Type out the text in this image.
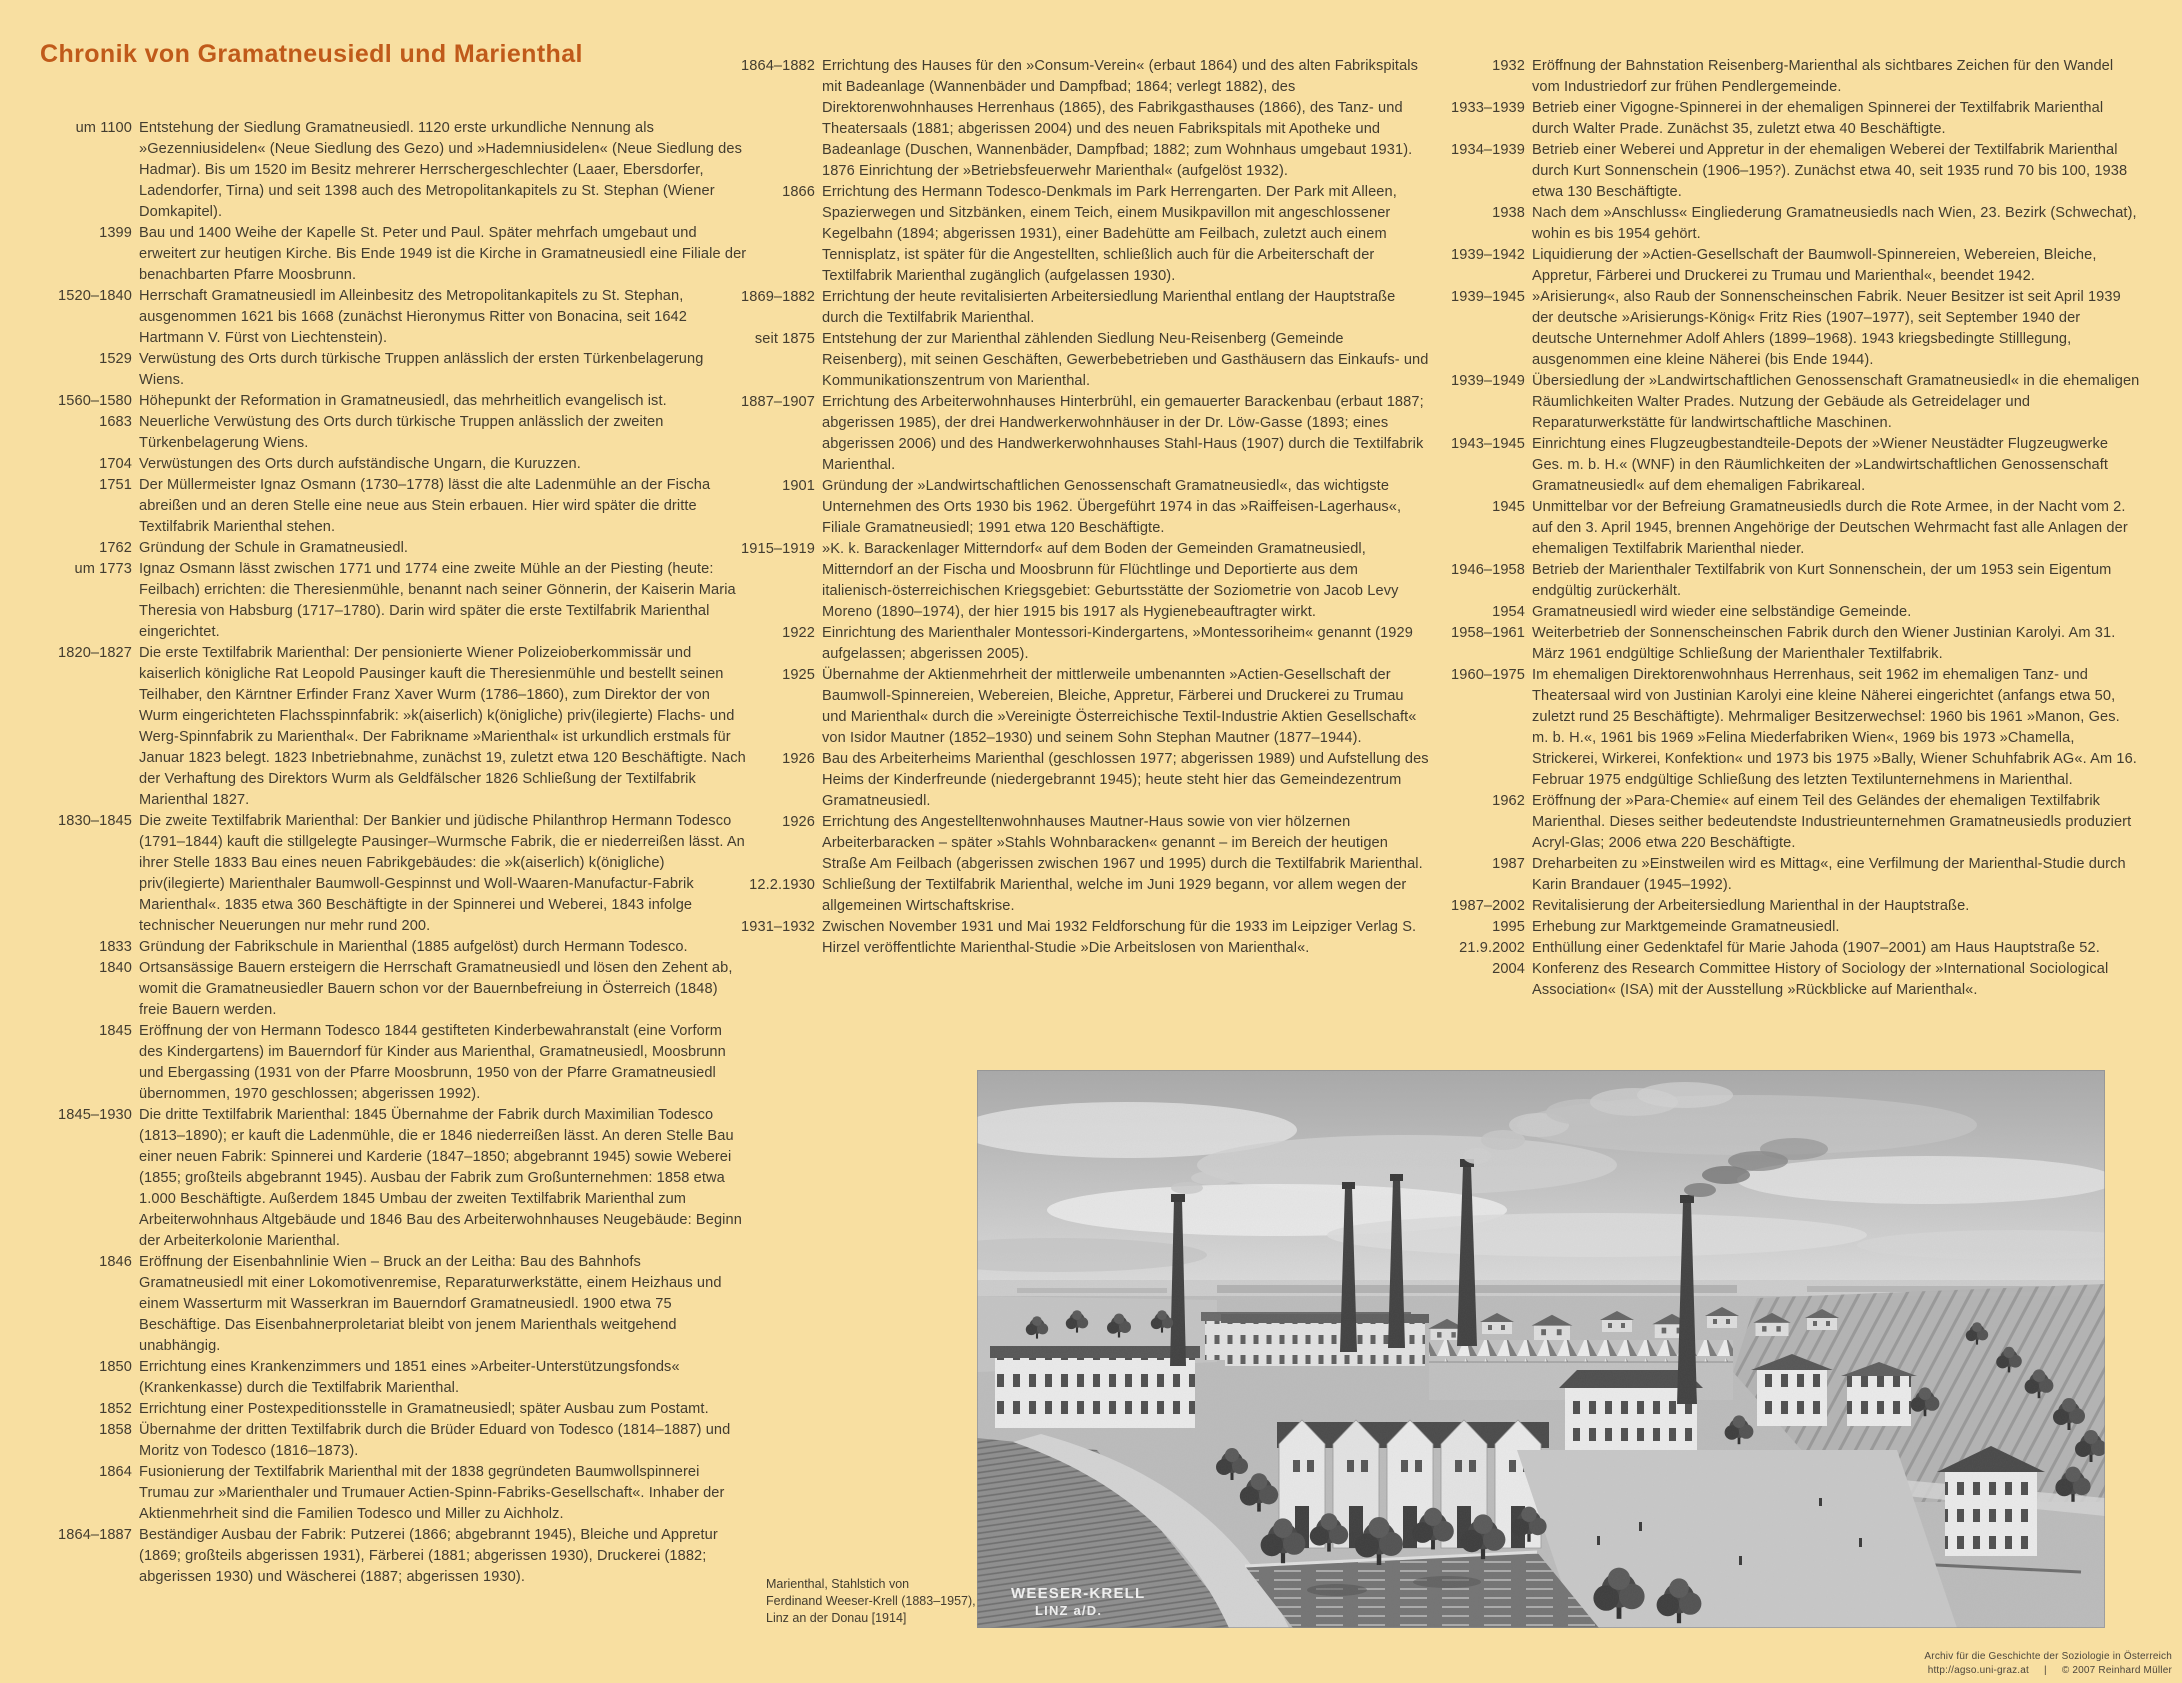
Chronik von Gramatneusiedl und Marienthal
um 1100 Entstehung der Siedlung Gramatneusiedl. 1120 erste urkundliche Nennung als »Gezenniusidelen« (Neue Siedlung des Gezo) und »Hademniusidelen« (Neue Siedlung des Hadmar). Bis um 1520 im Besitz mehrerer Herrschergeschlechter (Laaer, Ebersdorfer, Ladendorfer, Tirna) und seit 1398 auch des Metropolitankapitels zu St. Stephan (Wiener Domkapitel).
1399 Bau und 1400 Weihe der Kapelle St. Peter und Paul. Später mehrfach umgebaut und erweitert zur heutigen Kirche. Bis Ende 1949 ist die Kirche in Gramatneusiedl eine Filiale der benachbarten Pfarre Moosbrunn.
1520–1840 Herrschaft Gramatneusiedl im Alleinbesitz des Metropolitankapitels zu St. Stephan, ausgenommen 1621 bis 1668 (zunächst Hieronymus Ritter von Bonacina, seit 1642 Hartmann V. Fürst von Liechtenstein).
1529 Verwüstung des Orts durch türkische Truppen anlässlich der ersten Türkenbelagerung Wiens.
1560–1580 Höhepunkt der Reformation in Gramatneusiedl, das mehrheitlich evangelisch ist.
1683 Neuerliche Verwüstung des Orts durch türkische Truppen anlässlich der zweiten Türkenbelagerung Wiens.
1704 Verwüstungen des Orts durch aufständische Ungarn, die Kuruzzen.
1751 Der Müllermeister Ignaz Osmann (1730–1778) lässt die alte Ladenmühle an der Fischa abreißen und an deren Stelle eine neue aus Stein erbauen. Hier wird später die dritte Textilfabrik Marienthal stehen.
1762 Gründung der Schule in Gramatneusiedl.
um 1773 Ignaz Osmann lässt zwischen 1771 und 1774 eine zweite Mühle an der Piesting (heute: Feilbach) errichten: die Theresienmühle, benannt nach seiner Gönnerin, der Kaiserin Maria Theresia von Habsburg (1717–1780). Darin wird später die erste Textilfabrik Marienthal eingerichtet.
1820–1827 Die erste Textilfabrik Marienthal: Der pensionierte Wiener Polizeioberkommissär und kaiserlich königliche Rat Leopold Pausinger kauft die Theresienmühle und bestellt seinen Teilhaber, den Kärntner Erfinder Franz Xaver Wurm (1786–1860), zum Direktor der von Wurm eingerichteten Flachsspinnfabrik: »k(aiserlich) k(önigliche) priv(ilegierte) Flachs- und Werg-Spinnfabrik zu Marienthal«. Der Fabrikname »Marienthal« ist urkundlich erstmals für Januar 1823 belegt. 1823 Inbetriebnahme, zunächst 19, zuletzt etwa 120 Beschäftigte. Nach der Verhaftung des Direktors Wurm als Geldfälscher 1826 Schließung der Textilfabrik Marienthal 1827.
1830–1845 Die zweite Textilfabrik Marienthal: Der Bankier und jüdische Philanthrop Hermann Todesco (1791–1844) kauft die stillgelegte Pausinger–Wurmsche Fabrik, die er niederreißen lässt. An ihrer Stelle 1833 Bau eines neuen Fabrikgebäudes: die »k(aiserlich) k(önigliche) priv(ilegierte) Marienthaler Baumwoll-Gespinnst und Woll-Waaren-Manufactur-Fabrik Marienthal«. 1835 etwa 360 Beschäftigte in der Spinnerei und Weberei, 1843 infolge technischer Neuerungen nur mehr rund 200.
1833 Gründung der Fabrikschule in Marienthal (1885 aufgelöst) durch Hermann Todesco.
1840 Ortsansässige Bauern ersteigern die Herrschaft Gramatneusiedl und lösen den Zehent ab, womit die Gramatneusiedler Bauern schon vor der Bauernbefreiung in Österreich (1848) freie Bauern werden.
1845 Eröffnung der von Hermann Todesco 1844 gestifteten Kinderbewahranstalt (eine Vorform des Kindergartens) im Bauerndorf für Kinder aus Marienthal, Gramatneusiedl, Moosbrunn und Ebergassing (1931 von der Pfarre Moosbrunn, 1950 von der Pfarre Gramatneusiedl übernommen, 1970 geschlossen; abgerissen 1992).
1845–1930 Die dritte Textilfabrik Marienthal: 1845 Übernahme der Fabrik durch Maximilian Todesco (1813–1890); er kauft die Ladenmühle, die er 1846 niederreißen lässt. An deren Stelle Bau einer neuen Fabrik: Spinnerei und Karderie (1847–1850; abgebrannt 1945) sowie Weberei (1855; großteils abgebrannt 1945). Ausbau der Fabrik zum Großunternehmen: 1858 etwa 1.000 Beschäftigte. Außerdem 1845 Umbau der zweiten Textilfabrik Marienthal zum Arbeiterwohnhaus Altgebäude und 1846 Bau des Arbeiterwohnhauses Neugebäude: Beginn der Arbeiterkolonie Marienthal.
1846 Eröffnung der Eisenbahnlinie Wien – Bruck an der Leitha: Bau des Bahnhofs Gramatneusiedl mit einer Lokomotivenremise, Reparaturwerkstätte, einem Heizhaus und einem Wasserturm mit Wasserkran im Bauerndorf Gramatneusiedl. 1900 etwa 75 Beschäftige. Das Eisenbahnerproletariat bleibt von jenem Marienthals weitgehend unabhängig.
1850 Errichtung eines Krankenzimmers und 1851 eines »Arbeiter-Unterstützungsfonds« (Krankenkasse) durch die Textilfabrik Marienthal.
1852 Errichtung einer Postexpeditionsstelle in Gramatneusiedl; später Ausbau zum Postamt.
1858 Übernahme der dritten Textilfabrik durch die Brüder Eduard von Todesco (1814–1887) und Moritz von Todesco (1816–1873).
1864 Fusionierung der Textilfabrik Marienthal mit der 1838 gegründeten Baumwollspinnerei Trumau zur »Marienthaler und Trumauer Actien-Spinn-Fabriks-Gesellschaft«. Inhaber der Aktienmehrheit sind die Familien Todesco und Miller zu Aichholz.
1864–1887 Beständiger Ausbau der Fabrik: Putzerei (1866; abgebrannt 1945), Bleiche und Appretur (1869; großteils abgerissen 1931), Färberei (1881; abgerissen 1930), Druckerei (1882; abgerissen 1930) und Wäscherei (1887; abgerissen 1930).
1864–1882 Errichtung des Hauses für den »Consum-Verein« (erbaut 1864) und des alten Fabrikspitals mit Badeanlage (Wannenbäder und Dampfbad; 1864; verlegt 1882), des Direktorenwohnhauses Herrenhaus (1865), des Fabrikgasthauses (1866), des Tanz- und Theatersaals (1881; abgerissen 2004) und des neuen Fabrikspitals mit Apotheke und Badeanlage (Duschen, Wannenbäder, Dampfbad; 1882; zum Wohnhaus umgebaut 1931). 1876 Einrichtung der »Betriebsfeuerwehr Marienthal« (aufgelöst 1932).
1866 Errichtung des Hermann Todesco-Denkmals im Park Herrengarten. Der Park mit Alleen, Spazierwegen und Sitzbänken, einem Teich, einem Musikpavillon mit angeschlossener Kegelbahn (1894; abgerissen 1931), einer Badehütte am Feilbach, zuletzt auch einem Tennisplatz, ist später für die Angestellten, schließlich auch für die Arbeiterschaft der Textilfabrik Marienthal zugänglich (aufgelassen 1930).
1869–1882 Errichtung der heute revitalisierten Arbeitersiedlung Marienthal entlang der Hauptstraße durch die Textilfabrik Marienthal.
seit 1875 Entstehung der zur Marienthal zählenden Siedlung Neu-Reisenberg (Gemeinde Reisenberg), mit seinen Geschäften, Gewerbebetrieben und Gasthäusern das Einkaufs- und Kommunikationszentrum von Marienthal.
1887–1907 Errichtung des Arbeiterwohnhauses Hinterbrühl, ein gemauerter Barackenbau (erbaut 1887; abgerissen 1985), der drei Handwerkerwohnhäuser in der Dr. Löw-Gasse (1893; eines abgerissen 2006) und des Handwerkerwohnhauses Stahl-Haus (1907) durch die Textilfabrik Marienthal.
1901 Gründung der »Landwirtschaftlichen Genossenschaft Gramatneusiedl«, das wichtigste Unternehmen des Orts 1930 bis 1962. Übergeführt 1974 in das »Raiffeisen-Lagerhaus«, Filiale Gramatneusiedl; 1991 etwa 120 Beschäftigte.
1915–1919 »K. k. Barackenlager Mitterndorf« auf dem Boden der Gemeinden Gramatneusiedl, Mitterndorf an der Fischa und Moosbrunn für Flüchtlinge und Deportierte aus dem italienisch-österreichischen Kriegsgebiet: Geburtsstätte der Soziometrie von Jacob Levy Moreno (1890–1974), der hier 1915 bis 1917 als Hygienebeauftragter wirkt.
1922 Einrichtung des Marienthaler Montessori-Kindergartens, »Montessoriheim« genannt (1929 aufgelassen; abgerissen 2005).
1925 Übernahme der Aktienmehrheit der mittlerweile umbenannten »Actien-Gesellschaft der Baumwoll-Spinnereien, Webereien, Bleiche, Appretur, Färberei und Druckerei zu Trumau und Marienthal« durch die »Vereinigte Österreichische Textil-Industrie Aktien Gesellschaft« von Isidor Mautner (1852–1930) und seinem Sohn Stephan Mautner (1877–1944).
1926 Bau des Arbeiterheims Marienthal (geschlossen 1977; abgerissen 1989) und Aufstellung des Heims der Kinderfreunde (niedergebrannt 1945); heute steht hier das Gemeindezentrum Gramatneusiedl.
1926 Errichtung des Angestelltenwohnhauses Mautner-Haus sowie von vier hölzernen Arbeiterbaracken – später »Stahls Wohnbaracken« genannt – im Bereich der heutigen Straße Am Feilbach (abgerissen zwischen 1967 und 1995) durch die Textilfabrik Marienthal.
12.2.1930 Schließung der Textilfabrik Marienthal, welche im Juni 1929 begann, vor allem wegen der allgemeinen Wirtschaftskrise.
1931–1932 Zwischen November 1931 und Mai 1932 Feldforschung für die 1933 im Leipziger Verlag S. Hirzel veröffentlichte Marienthal-Studie »Die Arbeitslosen von Marienthal«.
1932 Eröffnung der Bahnstation Reisenberg-Marienthal als sichtbares Zeichen für den Wandel vom Industriedorf zur frühen Pendlergemeinde.
1933–1939 Betrieb einer Vigogne-Spinnerei in der ehemaligen Spinnerei der Textilfabrik Marienthal durch Walter Prade. Zunächst 35, zuletzt etwa 40 Beschäftigte.
1934–1939 Betrieb einer Weberei und Appretur in der ehemaligen Weberei der Textilfabrik Marienthal durch Kurt Sonnenschein (1906–195?). Zunächst etwa 40, seit 1935 rund 70 bis 100, 1938 etwa 130 Beschäftigte.
1938 Nach dem »Anschluss« Eingliederung Gramatneusiedls nach Wien, 23. Bezirk (Schwechat), wohin es bis 1954 gehört.
1939–1942 Liquidierung der »Actien-Gesellschaft der Baumwoll-Spinnereien, Webereien, Bleiche, Appretur, Färberei und Druckerei zu Trumau und Marienthal«, beendet 1942.
1939–1945 »Arisierung«, also Raub der Sonnenscheinschen Fabrik. Neuer Besitzer ist seit April 1939 der deutsche »Arisierungs-König« Fritz Ries (1907–1977), seit September 1940 der deutsche Unternehmer Adolf Ahlers (1899–1968). 1943 kriegsbedingte Stilllegung, ausgenommen eine kleine Näherei (bis Ende 1944).
1939–1949 Übersiedlung der »Landwirtschaftlichen Genossenschaft Gramatneusiedl« in die ehemaligen Räumlichkeiten Walter Prades. Nutzung der Gebäude als Getreidelager und Reparaturwerkstätte für landwirtschaftliche Maschinen.
1943–1945 Einrichtung eines Flugzeugbestandteile-Depots der »Wiener Neustädter Flugzeugwerke Ges. m. b. H.« (WNF) in den Räumlichkeiten der »Landwirtschaftlichen Genossenschaft Gramatneusiedl« auf dem ehemaligen Fabrikareal.
1945 Unmittelbar vor der Befreiung Gramatneusiedls durch die Rote Armee, in der Nacht vom 2. auf den 3. April 1945, brennen Angehörige der Deutschen Wehrmacht fast alle Anlagen der ehemaligen Textilfabrik Marienthal nieder.
1946–1958 Betrieb der Marienthaler Textilfabrik von Kurt Sonnenschein, der um 1953 sein Eigentum endgültig zurückerhält.
1954 Gramatneusiedl wird wieder eine selbständige Gemeinde.
1958–1961 Weiterbetrieb der Sonnenscheinschen Fabrik durch den Wiener Justinian Karolyi. Am 31. März 1961 endgültige Schließung der Marienthaler Textilfabrik.
1960–1975 Im ehemaligen Direktorenwohnhaus Herrenhaus, seit 1962 im ehemaligen Tanz- und Theatersaal wird von Justinian Karolyi eine kleine Näherei eingerichtet (anfangs etwa 50, zuletzt rund 25 Beschäftigte). Mehrmaliger Besitzerwechsel: 1960 bis 1961 »Manon, Ges. m. b. H.«, 1961 bis 1969 »Felina Miederfabriken Wien«, 1969 bis 1973 »Chamella, Strickerei, Wirkerei, Konfektion« und 1973 bis 1975 »Bally, Wiener Schuhfabrik AG«. Am 16. Februar 1975 endgültige Schließung des letzten Textilunternehmens in Marienthal.
1962 Eröffnung der »Para-Chemie« auf einem Teil des Geländes der ehemaligen Textilfabrik Marienthal. Dieses seither bedeutendste Industrieunternehmen Gramatneusiedls produziert Acryl-Glas; 2006 etwa 220 Beschäftigte.
1987 Dreharbeiten zu »Einstweilen wird es Mittag«, eine Verfilmung der Marienthal-Studie durch Karin Brandauer (1945–1992).
1987–2002 Revitalisierung der Arbeitersiedlung Marienthal in der Hauptstraße.
1995 Erhebung zur Marktgemeinde Gramatneusiedl.
21.9.2002 Enthüllung einer Gedenktafel für Marie Jahoda (1907–2001) am Haus Hauptstraße 52.
2004 Konferenz des Research Committee History of Sociology der »International Sociological Association« (ISA) mit der Ausstellung »Rückblicke auf Marienthal«.
WEESER-KRELL
LINZ a/D.
Marienthal, Stahlstich von
Ferdinand Weeser-Krell (1883–1957),
Linz an der Donau [1914]
Archiv für die Geschichte der Soziologie in Österreich
http://agso.uni-graz.at | © 2007 Reinhard Müller
